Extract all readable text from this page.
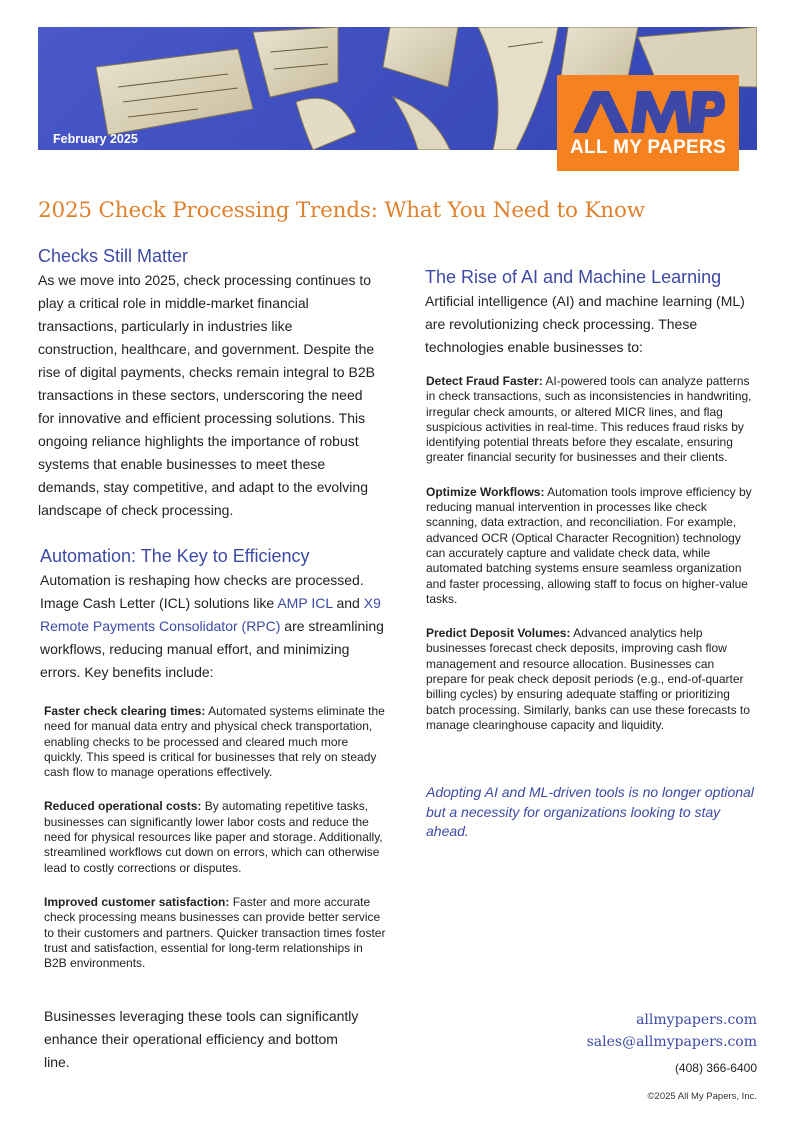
February 2025	ALL MY PAPERS
2025 Check Processing Trends: What You Need to Know
Checks Still Matter

As we move into 2025, check processing continues to play a critical role in middle-market financial transactions, particularly in industries like construction, healthcare, and government. Despite the rise of digital payments, checks remain integral to B2B transactions in these sectors, underscoring the need for innovative and efficient processing solutions. This ongoing reliance highlights the importance of robust systems that enable businesses to meet these demands, stay competitive, and adapt to the evolving landscape of check processing.

Automation: The Key to Efficiency

Automation is reshaping how checks are processed. Image Cash Letter (ICL) solutions like AMP ICL and X9 Remote Payments Consolidator (RPC) are streamlining workflows, reducing manual effort, and minimizing errors. Key benefits include:

Faster check clearing times: Automated systems eliminate the need for manual data entry and physical check transportation, enabling checks to be processed and cleared much more quickly. This speed is critical for businesses that rely on steady cash flow to manage operations effectively.
Reduced operational costs: By automating repetitive tasks, businesses can significantly lower labor costs and reduce the need for physical resources like paper and storage. Additionally, streamlined workflows cut down on errors, which can otherwise lead to costly corrections or disputes.
Improved customer satisfaction: Faster and more accurate check processing means businesses can provide better service to their customers and partners. Quicker transaction times foster trust and satisfaction, essential for long-term relationships in B2B environments.

Businesses leveraging these tools can significantly enhance their operational efficiency and bottom line.

The Rise of AI and Machine Learning

Artificial intelligence (AI) and machine learning (ML) are revolutionizing check processing. These technologies enable businesses to:

Detect Fraud Faster: AI-powered tools can analyze patterns in check transactions, such as inconsistencies in handwriting, irregular check amounts, or altered MICR lines, and flag suspicious activities in real-time. This reduces fraud risks by identifying potential threats before they escalate, ensuring greater financial security for businesses and their clients.
Optimize Workflows: Automation tools improve efficiency by reducing manual intervention in processes like check scanning, data extraction, and reconciliation. For example, advanced OCR (Optical Character Recognition) technology can accurately capture and validate check data, while automated batching systems ensure seamless organization and faster processing, allowing staff to focus on higher-value tasks.
Predict Deposit Volumes: Advanced analytics help businesses forecast check deposits, improving cash flow management and resource allocation. Businesses can prepare for peak check deposit periods (e.g., end-of-quarter billing cycles) by ensuring adequate staffing or prioritizing batch processing. Similarly, banks can use these forecasts to manage clearinghouse capacity and liquidity.

Adopting AI and ML-driven tools is no longer optional but a necessity for organizations looking to stay ahead.

allmypapers.com
sales@allmypapers.com
(408) 366-6400
©2025 All My Papers, Inc.
